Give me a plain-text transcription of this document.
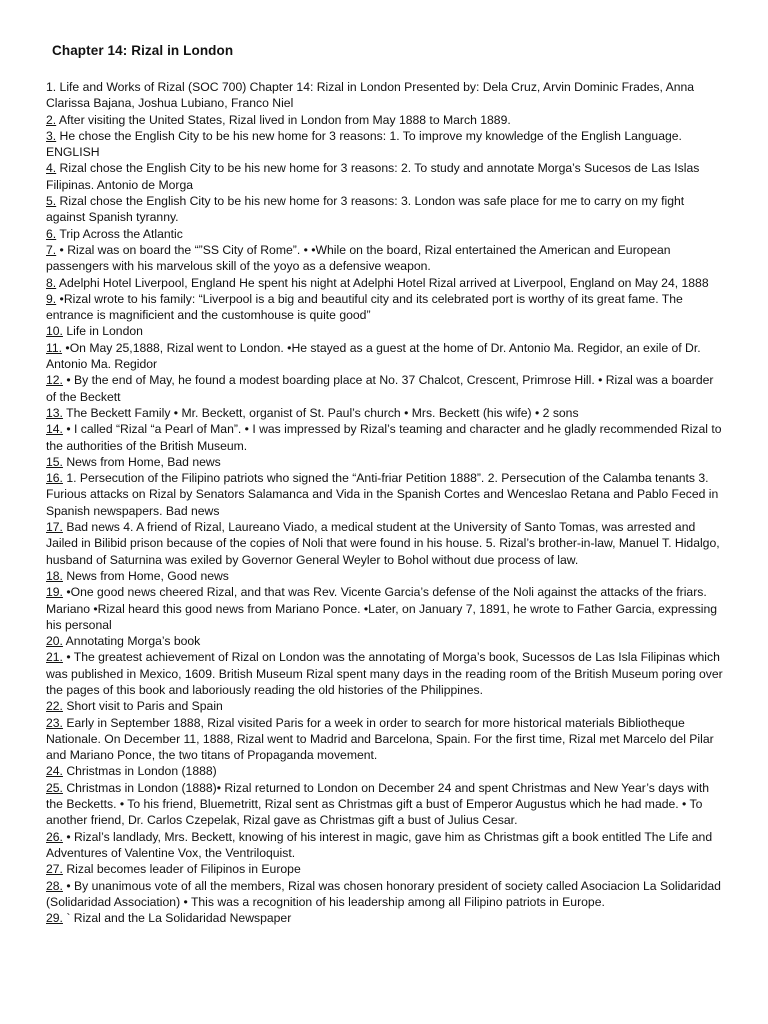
Chapter 14: Rizal in London

1. Life and Works of Rizal (SOC 700) Chapter 14: Rizal in London Presented by: Dela Cruz, Arvin Dominic Frades, Anna Clarissa Bajana, Joshua Lubiano, Franco Niel

2. After visiting the United States, Rizal lived in London from May 1888 to March 1889.

3. He chose the English City to be his new home for 3 reasons: 1. To improve my knowledge of the English Language. ENGLISH

4. Rizal chose the English City to be his new home for 3 reasons: 2. To study and annotate Morga’s Sucesos de Las Islas Filipinas. Antonio de Morga

5. Rizal chose the English City to be his new home for 3 reasons: 3. London was safe place for me to carry on my fight against Spanish tyranny.

6. Trip Across the Atlantic

7. • Rizal was on board the “”SS City of Rome”. • •While on the board, Rizal entertained the American and European passengers with his marvelous skill of the yoyo as a defensive weapon.

8. Adelphi Hotel Liverpool, England He spent his night at Adelphi Hotel Rizal arrived at Liverpool, England on May 24, 1888

9. •Rizal wrote to his family: “Liverpool is a big and beautiful city and its celebrated port is worthy of its great fame. The entrance is magnificient and the customhouse is quite good”

10. Life in London

11. •On May 25,1888, Rizal went to London. •He stayed as a guest at the home of Dr. Antonio Ma. Regidor, an exile of Dr. Antonio Ma. Regidor

12. • By the end of May, he found a modest boarding place at No. 37 Chalcot, Crescent, Primrose Hill. • Rizal was a boarder of the Beckett

13. The Beckett Family • Mr. Beckett, organist of St. Paul’s church • Mrs. Beckett (his wife) • 2 sons

14. • I called “Rizal “a Pearl of Man”. • I was impressed by Rizal’s teaming and character and he gladly recommended Rizal to the authorities of the British Museum.

15. News from Home, Bad news

16. 1. Persecution of the Filipino patriots who signed the “Anti-friar Petition 1888”. 2. Persecution of the Calamba tenants 3. Furious attacks on Rizal by Senators Salamanca and Vida in the Spanish Cortes and Wenceslao Retana and Pablo Feced in Spanish newspapers. Bad news

17. Bad news 4. A friend of Rizal, Laureano Viado, a medical student at the University of Santo Tomas, was arrested and Jailed in Bilibid prison because of the copies of Noli that were found in his house. 5. Rizal’s brother-in-law, Manuel T. Hidalgo, husband of Saturnina was exiled by Governor General Weyler to Bohol without due process of law.

18. News from Home, Good news

19. •One good news cheered Rizal, and that was Rev. Vicente Garcia’s defense of the Noli against the attacks of the friars. Mariano •Rizal heard this good news from Mariano Ponce. •Later, on January 7, 1891, he wrote to Father Garcia, expressing his personal

20. Annotating Morga’s book

21. • The greatest achievement of Rizal on London was the annotating of Morga’s book, Sucessos de Las Isla Filipinas which was published in Mexico, 1609. British Museum Rizal spent many days in the reading room of the British Museum poring over the pages of this book and laboriously reading the old histories of the Philippines.

22. Short visit to Paris and Spain

23. Early in September 1888, Rizal visited Paris for a week in order to search for more historical materials Bibliotheque Nationale. On December 11, 1888, Rizal went to Madrid and Barcelona, Spain. For the first time, Rizal met Marcelo del Pilar and Mariano Ponce, the two titans of Propaganda movement.

24. Christmas in London (1888)

25. Christmas in London (1888)• Rizal returned to London on December 24 and spent Christmas and New Year’s days with the Becketts. • To his friend, Bluemetritt, Rizal sent as Christmas gift a bust of Emperor Augustus which he had made. • To another friend, Dr. Carlos Czepelak, Rizal gave as Christmas gift a bust of Julius Cesar.

26. • Rizal’s landlady, Mrs. Beckett, knowing of his interest in magic, gave him as Christmas gift a book entitled The Life and Adventures of Valentine Vox, the Ventriloquist.

27. Rizal becomes leader of Filipinos in Europe

28. • By unanimous vote of all the members, Rizal was chosen honorary president of society called Asociacion La Solidaridad (Solidaridad Association) • This was a recognition of his leadership among all Filipino patriots in Europe.

29. ` Rizal and the La Solidaridad Newspaper
